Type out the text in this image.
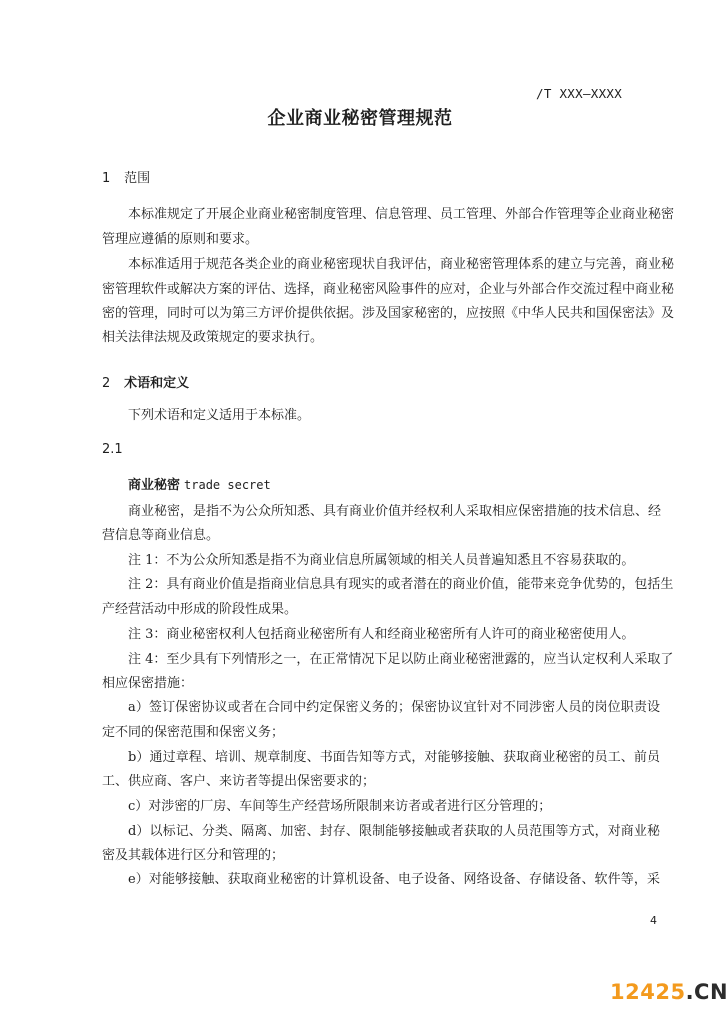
/T XXX—XXXX
企业商业秘密管理规范
1 范围
本标准规定了开展企业商业秘密制度管理、信息管理、员工管理、外部合作管理等企业商业秘密
管理应遵循的原则和要求。
本标准适用于规范各类企业的商业秘密现状自我评估，商业秘密管理体系的建立与完善，商业秘
密管理软件或解决方案的评估、选择，商业秘密风险事件的应对，企业与外部合作交流过程中商业秘
密的管理，同时可以为第三方评价提供依据。涉及国家秘密的，应按照《中华人民共和国保密法》及
相关法律法规及政策规定的要求执行。
2 术语和定义
下列术语和定义适用于本标准。
2.1
商业秘密 trade secret
商业秘密，是指不为公众所知悉、具有商业价值并经权利人采取相应保密措施的技术信息、经
营信息等商业信息。
注 1：不为公众所知悉是指不为商业信息所属领域的相关人员普遍知悉且不容易获取的。
注 2：具有商业价值是指商业信息具有现实的或者潜在的商业价值，能带来竞争优势的，包括生
产经营活动中形成的阶段性成果。
注 3：商业秘密权利人包括商业秘密所有人和经商业秘密所有人许可的商业秘密使用人。
注 4：至少具有下列情形之一，在正常情况下足以防止商业秘密泄露的，应当认定权利人采取了
相应保密措施：
a）签订保密协议或者在合同中约定保密义务的；保密协议宜针对不同涉密人员的岗位职责设
定不同的保密范围和保密义务；
b）通过章程、培训、规章制度、书面告知等方式，对能够接触、获取商业秘密的员工、前员
工、供应商、客户、来访者等提出保密要求的；
c）对涉密的厂房、车间等生产经营场所限制来访者或者进行区分管理的；
d）以标记、分类、隔离、加密、封存、限制能够接触或者获取的人员范围等方式，对商业秘
密及其载体进行区分和管理的；
e）对能够接触、获取商业秘密的计算机设备、电子设备、网络设备、存储设备、软件等，采
4
12425.CN
